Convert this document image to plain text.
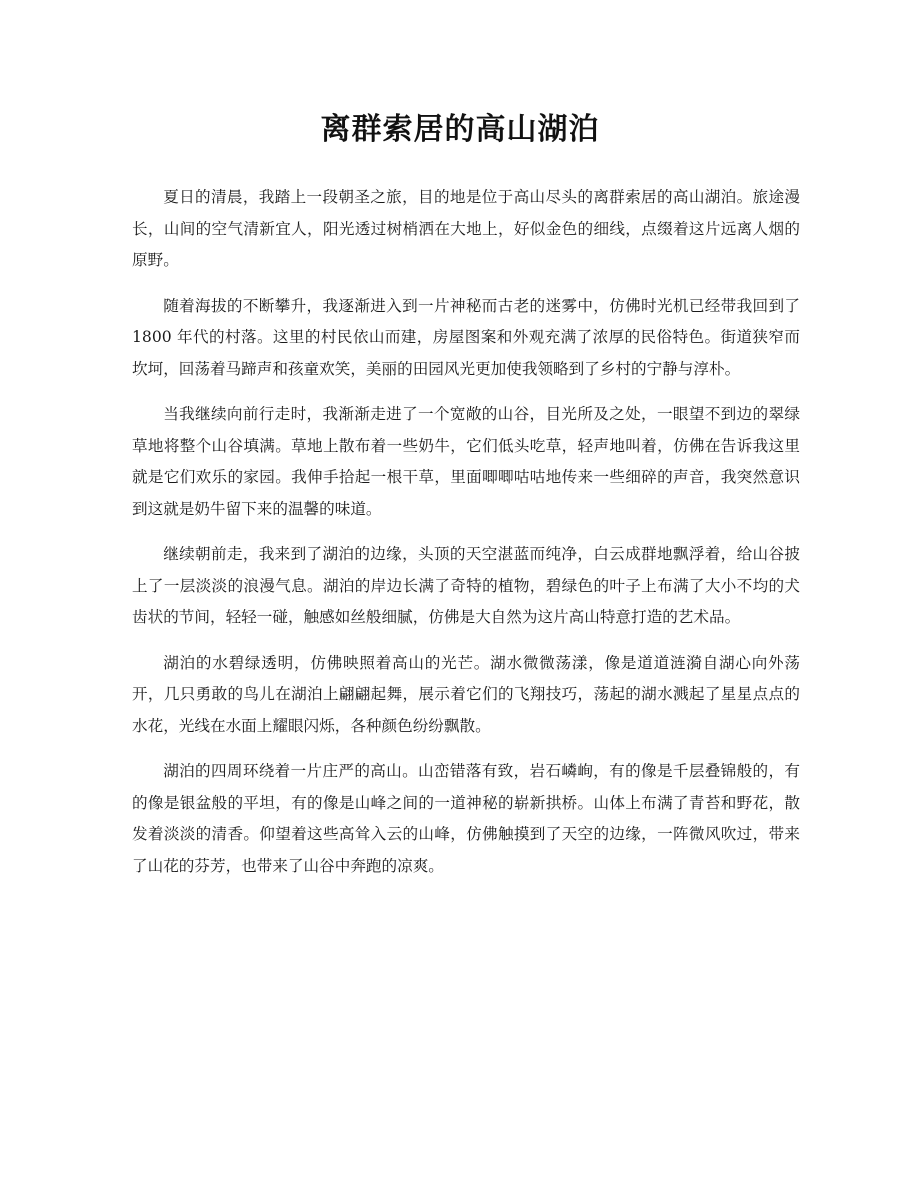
离群索居的高山湖泊

夏日的清晨，我踏上一段朝圣之旅，目的地是位于高山尽头的离群索居的高山湖泊。旅途漫长，山间的空气清新宜人，阳光透过树梢洒在大地上，好似金色的细线，点缀着这片远离人烟的原野。

随着海拔的不断攀升，我逐渐进入到一片神秘而古老的迷雾中，仿佛时光机已经带我回到了 1800 年代的村落。这里的村民依山而建，房屋图案和外观充满了浓厚的民俗特色。街道狭窄而坎坷，回荡着马蹄声和孩童欢笑，美丽的田园风光更加使我领略到了乡村的宁静与淳朴。

当我继续向前行走时，我渐渐走进了一个宽敞的山谷，目光所及之处，一眼望不到边的翠绿草地将整个山谷填满。草地上散布着一些奶牛，它们低头吃草，轻声地叫着，仿佛在告诉我这里就是它们欢乐的家园。我伸手拾起一根干草，里面唧唧咕咕地传来一些细碎的声音，我突然意识到这就是奶牛留下来的温馨的味道。

继续朝前走，我来到了湖泊的边缘，头顶的天空湛蓝而纯净，白云成群地飘浮着，给山谷披上了一层淡淡的浪漫气息。湖泊的岸边长满了奇特的植物，碧绿色的叶子上布满了大小不均的犬齿状的节间，轻轻一碰，触感如丝般细腻，仿佛是大自然为这片高山特意打造的艺术品。

湖泊的水碧绿透明，仿佛映照着高山的光芒。湖水微微荡漾，像是道道涟漪自湖心向外荡开，几只勇敢的鸟儿在湖泊上翩翩起舞，展示着它们的飞翔技巧，荡起的湖水溅起了星星点点的水花，光线在水面上耀眼闪烁，各种颜色纷纷飘散。

湖泊的四周环绕着一片庄严的高山。山峦错落有致，岩石嶙峋，有的像是千层叠锦般的，有的像是银盆般的平坦，有的像是山峰之间的一道神秘的崭新拱桥。山体上布满了青苔和野花，散发着淡淡的清香。仰望着这些高耸入云的山峰，仿佛触摸到了天空的边缘，一阵微风吹过，带来了山花的芬芳，也带来了山谷中奔跑的凉爽。
